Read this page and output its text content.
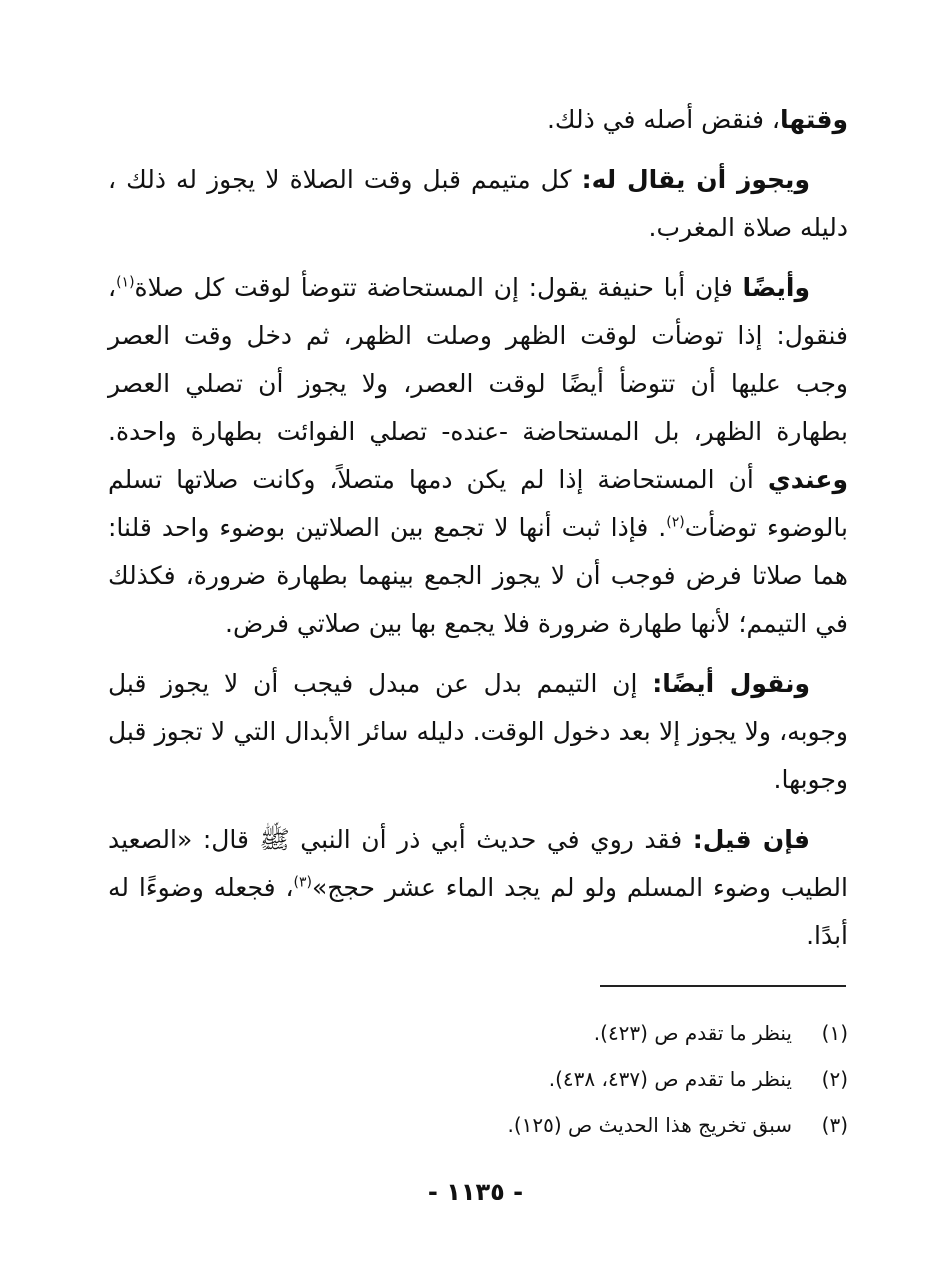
وقتها، فنقض أصله في ذلك.

ويجوز أن يقال له: كل متيمم قبل وقت الصلاة لا يجوز له ذلك ، دليله صلاة المغرب.

وأيضًا فإن أبا حنيفة يقول: إن المستحاضة تتوضأ لوقت كل صلاة$^{(١)}$، فنقول: إذا توضأت لوقت الظهر وصلت الظهر، ثم دخل وقت العصر وجب عليها أن تتوضأ أيضًا لوقت العصر، ولا يجوز أن تصلي العصر بطهارة الظهر، بل المستحاضة -عنده- تصلي الفوائت بطهارة واحدة. وعندي أن المستحاضة إذا لم يكن دمها متصلاً، وكانت صلاتها تسلم بالوضوء توضأت$^{(٢)}$. فإذا ثبت أنها لا تجمع بين الصلاتين بوضوء واحد قلنا: هما صلاتا فرض فوجب أن لا يجوز الجمع بينهما بطهارة ضرورة، فكذلك في التيمم؛ لأنها طهارة ضرورة فلا يجمع بها بين صلاتي فرض.

ونقول أيضًا: إن التيمم بدل عن مبدل فيجب أن لا يجوز قبل وجوبه، ولا يجوز إلا بعد دخول الوقت. دليله سائر الأبدال التي لا تجوز قبل وجوبها.

فإن قيل: فقد روي في حديث أبي ذر أن النبي ﷺ قال: «الصعيد الطيب وضوء المسلم ولو لم يجد الماء عشر حجج»$^{(٣)}$، فجعله وضوءًا له أبدًا.

(١)ينظر ما تقدم ص (٤٢٣).
(٢)ينظر ما تقدم ص (٤٣٧، ٤٣٨).
(٣)سبق تخريج هذا الحديث ص (١٢٥).
- ١١٣٥ -
